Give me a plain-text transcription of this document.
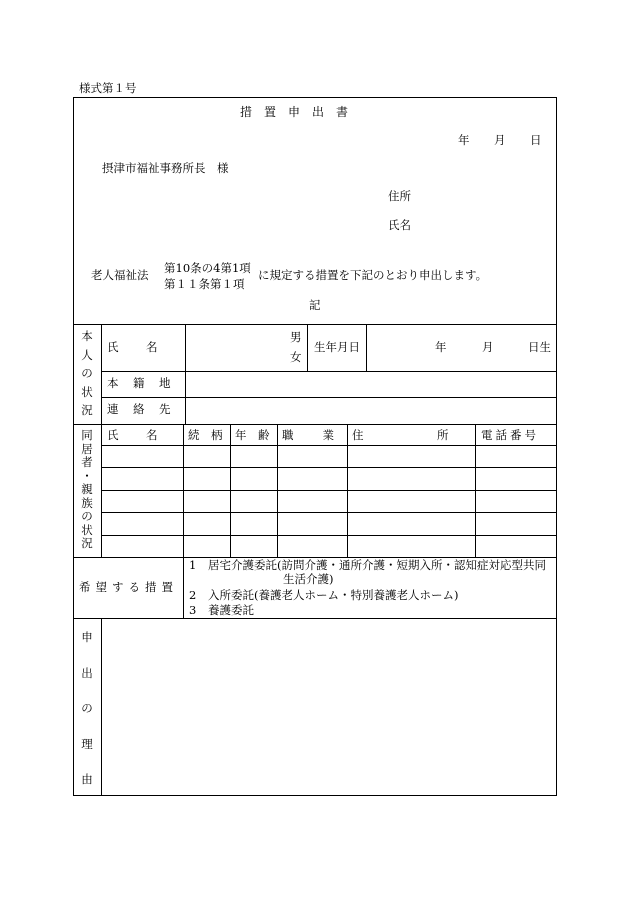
様式第１号
措　置　申　出　書
年 月 日
摂津市福祉事務所長　様
住所
氏名
老人福祉法 第10条の4第1項
第１１条第１項
に規定する措置を下記のとおり申出します。
記
本
人
の
状
況
氏　　名
男
女
生年月日	年	月	日生
本　籍　地
連　絡　先
同
居
者
・
親
族
の
状
況
氏　　名	続　柄 年　齢 職　　業 住　　　　所 電話番号
希望する措置
1 居宅介護委託(訪問介護・通所介護・短期入所・認知症対応型共同
生活介護)
2 入所委託(養護老人ホーム・特別養護老人ホーム)
3 養護委託
申
出
の
理
由
